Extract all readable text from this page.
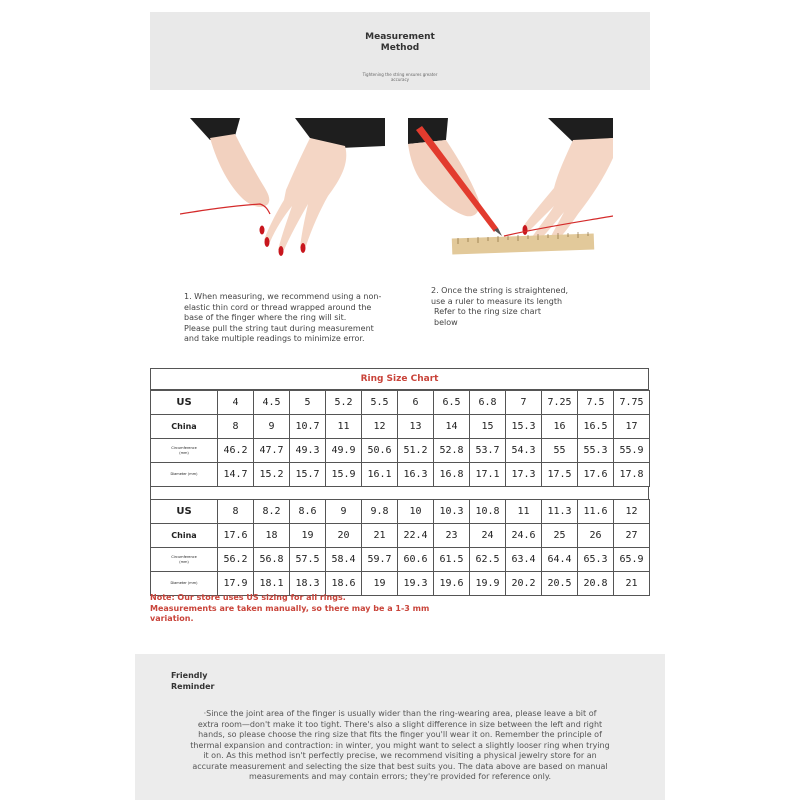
Measurement
Method
Tightening the string ensures greater
accuracy
1. When measuring, we recommend using a non-
elastic thin cord or thread wrapped around the
base of the finger where the ring will sit.
Please pull the string taut during measurement
and take multiple readings to minimize error.
2. Once the string is straightened,
use a ruler to measure its length
Refer to the ring size chart
below
Ring Size Chart
US	4	4.5	5	5.2	5.5	6	6.5	6.8	7	7.25	7.5	7.75
China	8	9	10.7	11	12	13	14	15	15.3	16	16.5	17

Circumference
(mm)	46.2	47.7	49.3	49.9	50.6	51.2	52.8	53.7	54.3	55	55.3	55.9
Diameter (mm)	14.7	15.2	15.7	15.9	16.1	16.3	16.8	17.1	17.3	17.5	17.6	17.8
US	8	8.2	8.6	9	9.8	10	10.3	10.8	11	11.3	11.6	12
China	17.6	18	19	20	21	22.4	23	24	24.6	25	26	27

Circumference
(mm)	56.2	56.8	57.5	58.4	59.7	60.6	61.5	62.5	63.4	64.4	65.3	65.9
Diameter (mm)	17.9	18.1	18.3	18.6	19	19.3	19.6	19.9	20.2	20.5	20.8	21
Note: Our store uses US sizing for all rings.
Measurements are taken manually, so there may be a 1-3 mm
variation.
Friendly
Reminder
·Since the joint area of the finger is usually wider than the ring-wearing area, please leave a bit of
extra room—don't make it too tight. There's also a slight difference in size between the left and right
hands, so please choose the ring size that fits the finger you'll wear it on. Remember the principle of
thermal expansion and contraction: in winter, you might want to select a slightly looser ring when trying
it on. As this method isn't perfectly precise, we recommend visiting a physical jewelry store for an
accurate measurement and selecting the size that best suits you. The data above are based on manual
measurements and may contain errors; they're provided for reference only.
